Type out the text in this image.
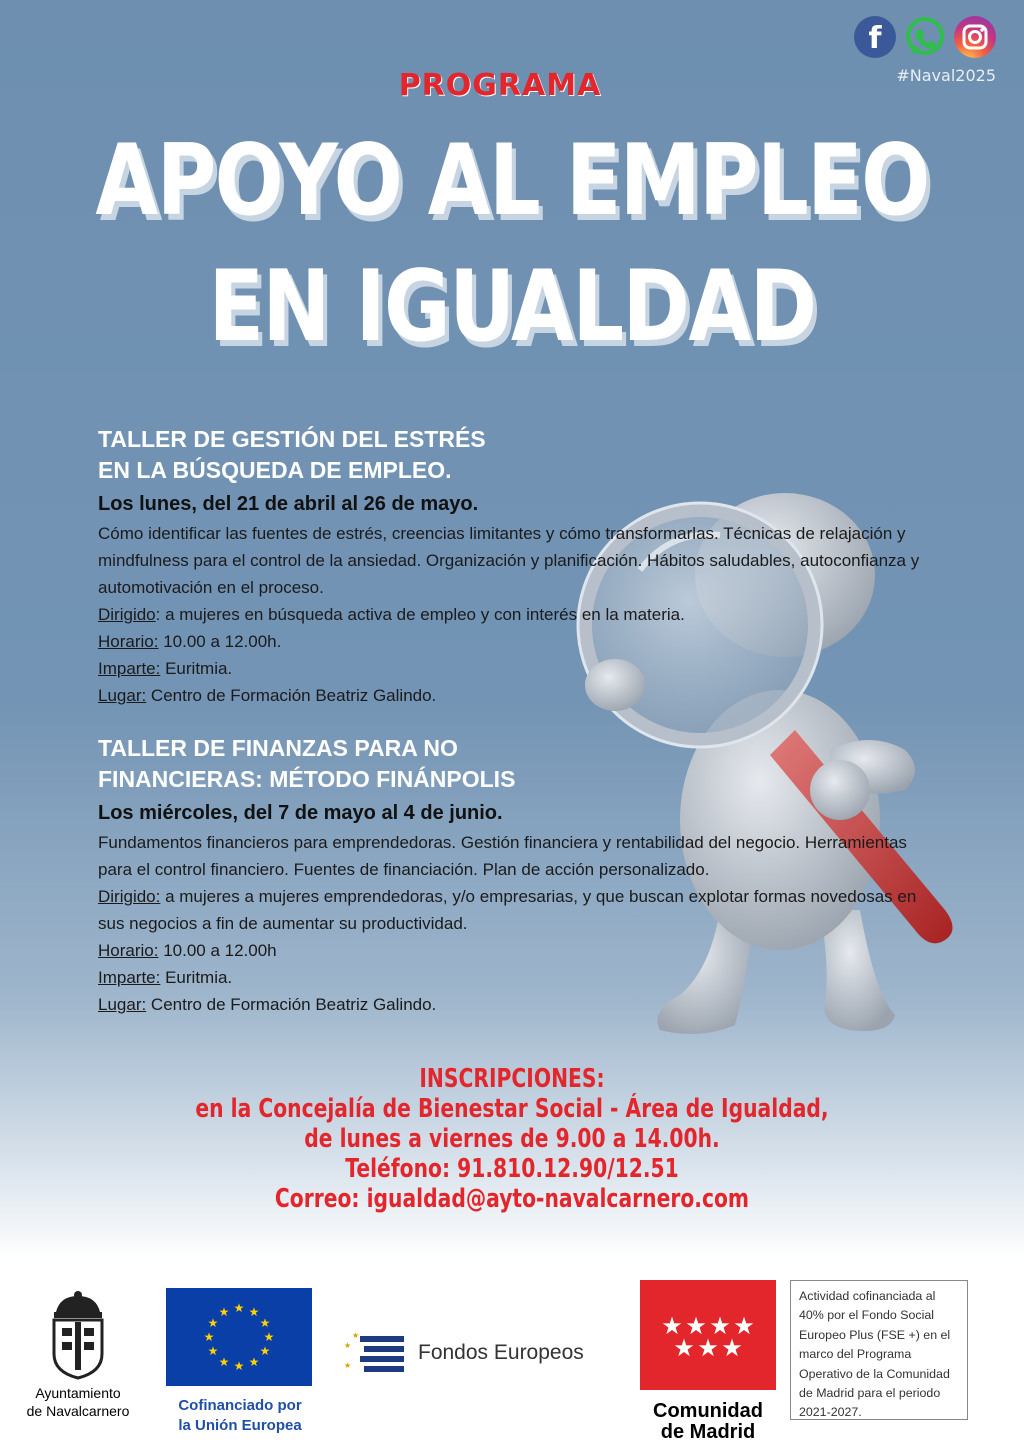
f
#Naval2025
PROGRAMA
APOYO AL EMPLEO
EN IGUALDAD

TALLER DE GESTIÓN DEL ESTRÉS

EN LA BÚSQUEDA DE EMPLEO.

Los lunes, del 21 de abril al 26 de mayo.

Cómo identificar las fuentes de estrés, creencias limitantes y cómo transformarlas. Técnicas de relajación y mindfulness para el control de la ansiedad. Organización y planificación. Hábitos saludables, autoconfianza y automotivación en el proceso.

Dirigido: a mujeres en búsqueda activa de empleo y con interés en la materia.

Horario: 10.00 a 12.00h.

Imparte: Euritmia.

Lugar: Centro de Formación Beatriz Galindo.

TALLER DE FINANZAS PARA NO

FINANCIERAS: MÉTODO FINÁNPOLIS

Los miércoles, del 7 de mayo al 4 de junio.

Fundamentos financieros para emprendedoras. Gestión financiera y rentabilidad del negocio. Herramientas para el control financiero. Fuentes de financiación. Plan de acción personalizado.

Dirigido: a mujeres a mujeres emprendedoras, y/o empresarias, y que buscan explotar formas novedosas en sus negocios a fin de aumentar su productividad.

Horario: 10.00 a 12.00h

Imparte: Euritmia.

Lugar: Centro de Formación Beatriz Galindo.

INSCRIPCIONES:
en la Concejalía de Bienestar Social - Área de Igualdad,
de lunes a viernes de 9.00 a 14.00h.
Teléfono: 91.810.12.90/12.51
Correo: igualdad@ayto-navalcarnero.com
Ayuntamiento
de Navalcarnero
★ ★
★
★
★
★
★
★
★
★
★
★
Cofinanciado por
la Unión Europea
★
★
★
Fondos Europeos
★ ★ ★ ★
★ ★ ★
Comunidad
de Madrid
Actividad cofinanciada al 40% por el Fondo Social Europeo Plus (FSE +) en el marco del Programa Operativo de la Comunidad de Madrid para el periodo 2021-2027.
